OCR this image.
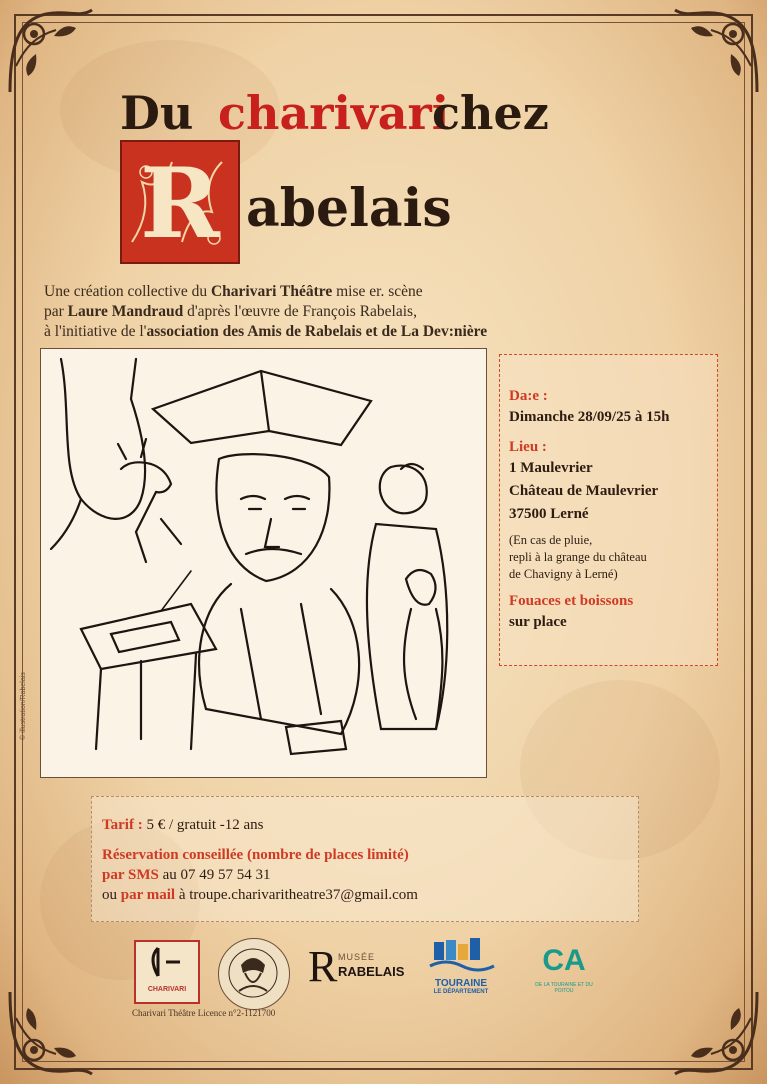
Du charivari
chez
R abelais
Une création collective du Charivari Théâtre mise er. scène
par Laure Mandraud d'après l'œuvre de François Rabelais,
à l'initiative de l'association des Amis de Rabelais et de La Dev:nière
© illustration/Rabelais
Da:e :
Dimanche 28/09/25 à 15h
Lieu :
1 Maulevrier
Château de Maulevrier
37500 Lerné
(En cas de pluie,
repli à la grange du château
de Chavigny à Lerné)
Fouaces et boissons
sur place
Tarif : 5 € / gratuit -12 ans
Réservation conseillée (nombre de places limité)
par SMS au 07 49 57 54 31
ou par mail à troupe.charivaritheatre37@gmail.com
CHARIVARI	R MUSÉE
RABELAIS
TOURAINE
LE DÉPARTEMENT
CA
DE LA TOURAINE ET DU POITOU
Charivari Théâtre Licence n°2-1121700
